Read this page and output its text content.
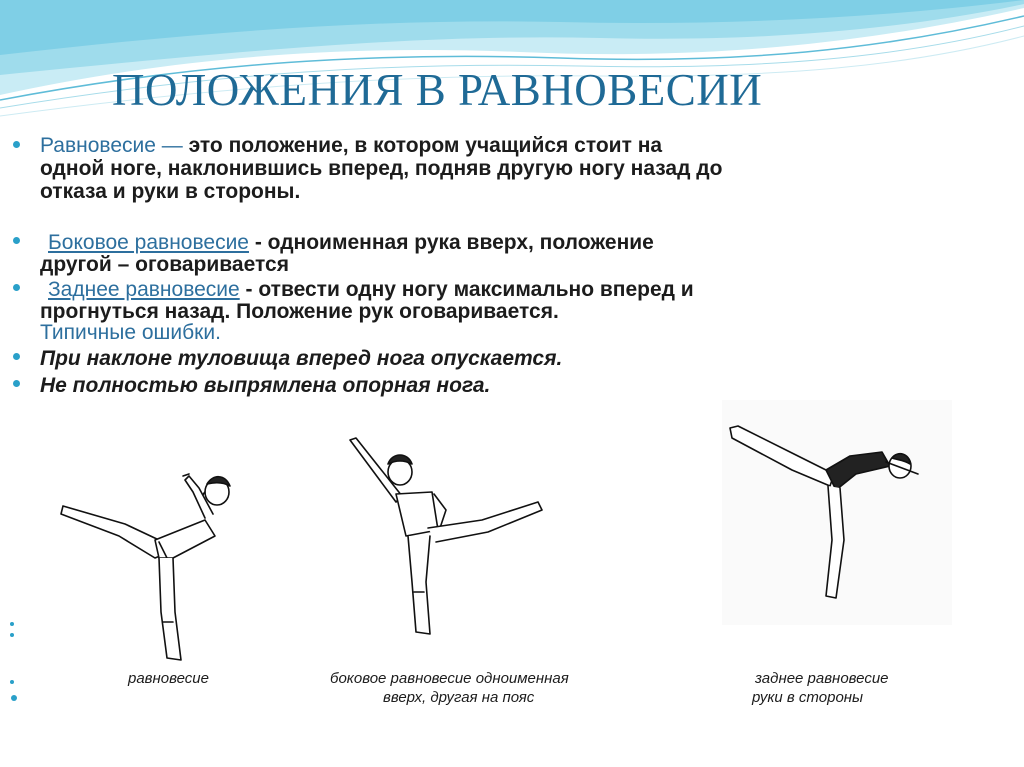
ПОЛОЖЕНИЯ В РАВНОВЕСИИ
Равновесие — это положение, в котором учащийся стоит на
одной ноге, наклонившись вперед, подняв другую ногу назад до
отказа и руки в стороны.
Боковое равновесие - одноименная рука вверх, положение
другой – оговаривается
Заднее равновесие - отвести одну ногу максимально вперед и
прогнуться назад. Положение рук оговаривается.
Типичные ошибки.
При наклоне туловища вперед нога опускается.
Не полностью выпрямлена опорная нога.
равновесие	боковое равновесие одноименная
вверх, другая на пояс
заднее равновесие
руки в стороны
